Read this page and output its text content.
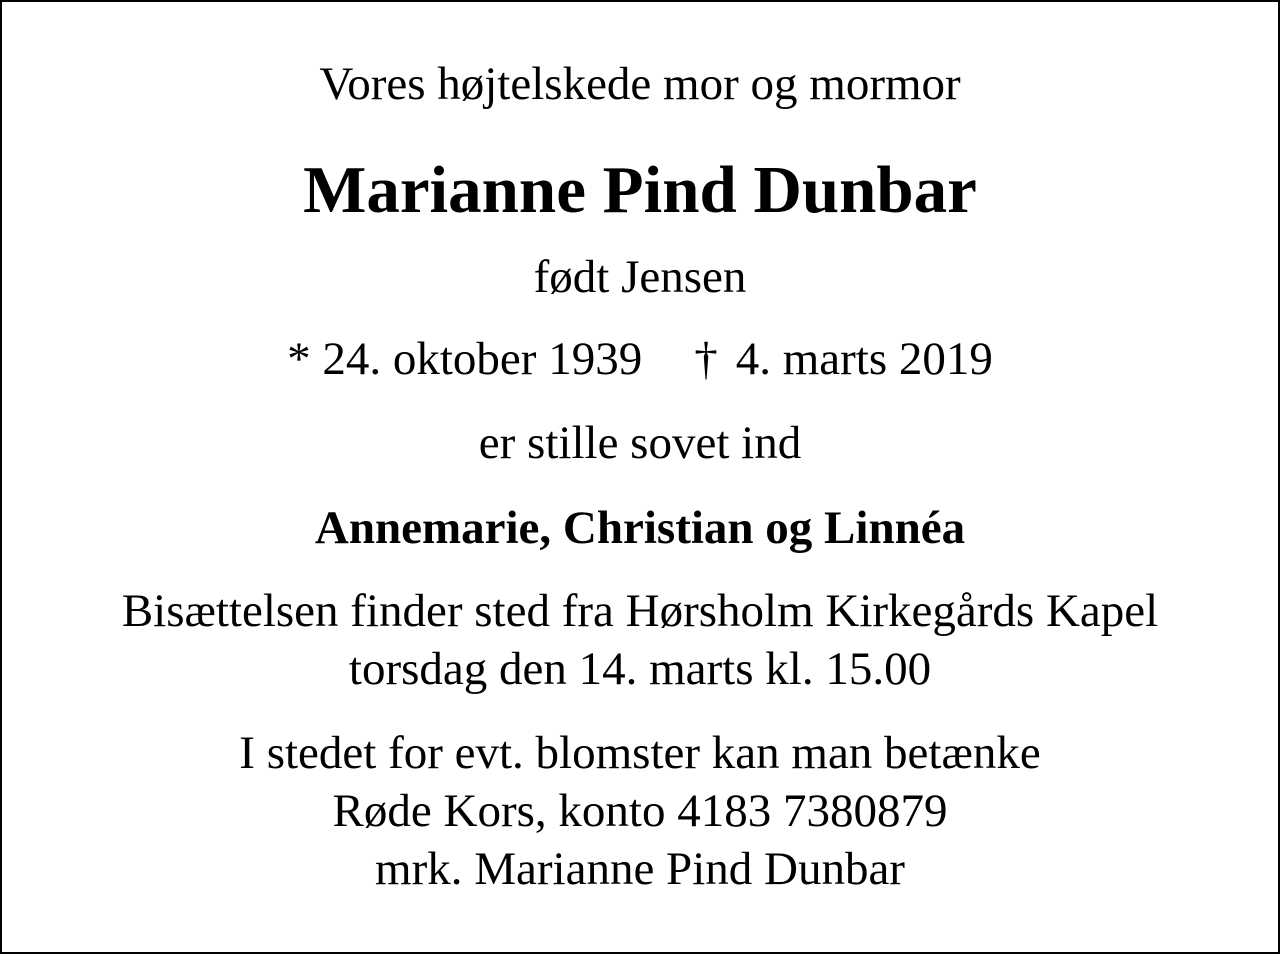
Vores højtelskede mor og mormor
Marianne Pind Dunbar
født Jensen
* 24. oktober 1939 † 4. marts 2019
er stille sovet ind
Annemarie, Christian og Linnéa
Bisættelsen finder sted fra Hørsholm Kirkegårds Kapel
torsdag den 14. marts kl. 15.00
I stedet for evt. blomster kan man betænke
Røde Kors, konto 4183 7380879
mrk. Marianne Pind Dunbar
